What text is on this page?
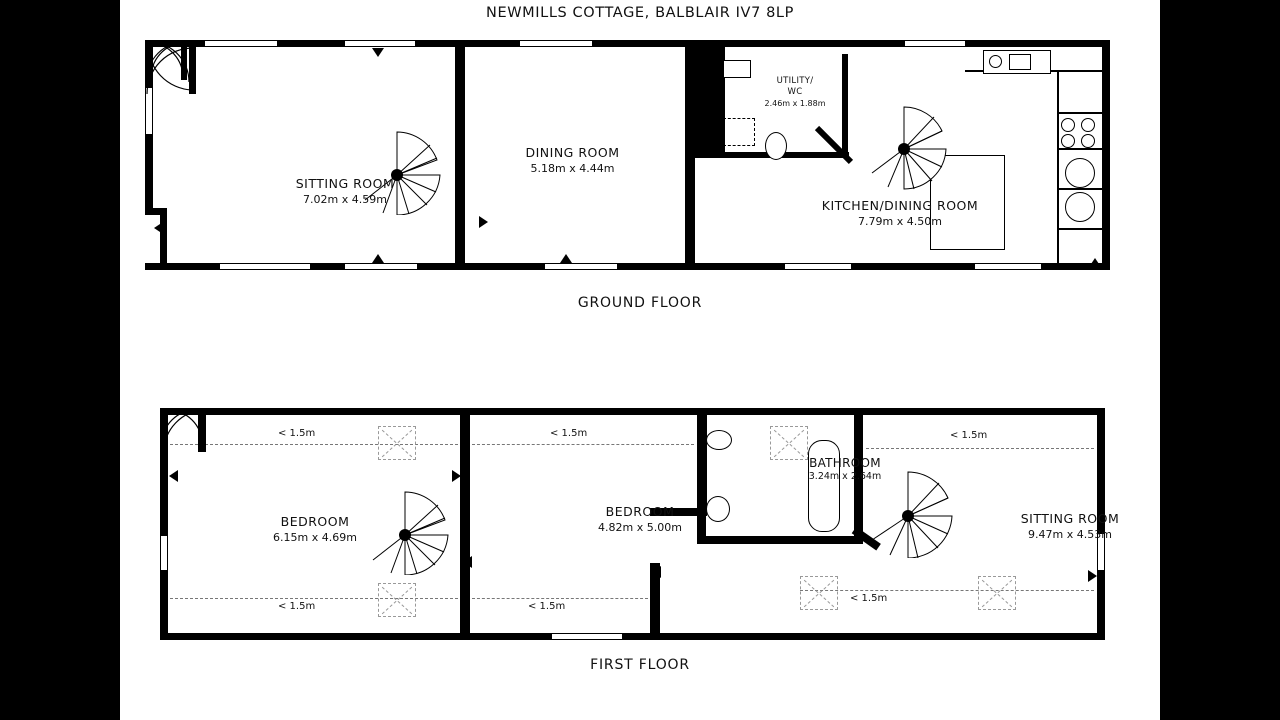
NEWMILLS COTTAGE, BALBLAIR IV7 8LP
SITTING ROOM
7.02m x 4.59m
DINING ROOM
5.18m x 4.44m
UTILITY/
WC
2.46m x 1.88m
KITCHEN/DINING ROOM
7.79m x 4.50m
GROUND FLOOR
< 1.5m
< 1.5m
< 1.5m
< 1.5m
< 1.5m
< 1.5m
BEDROOM
6.15m x 4.69m
BEDROOM
4.82m x 5.00m
BATHROOM
3.24m x 2.64m
SITTING ROOM
9.47m x 4.53m
FIRST FLOOR
